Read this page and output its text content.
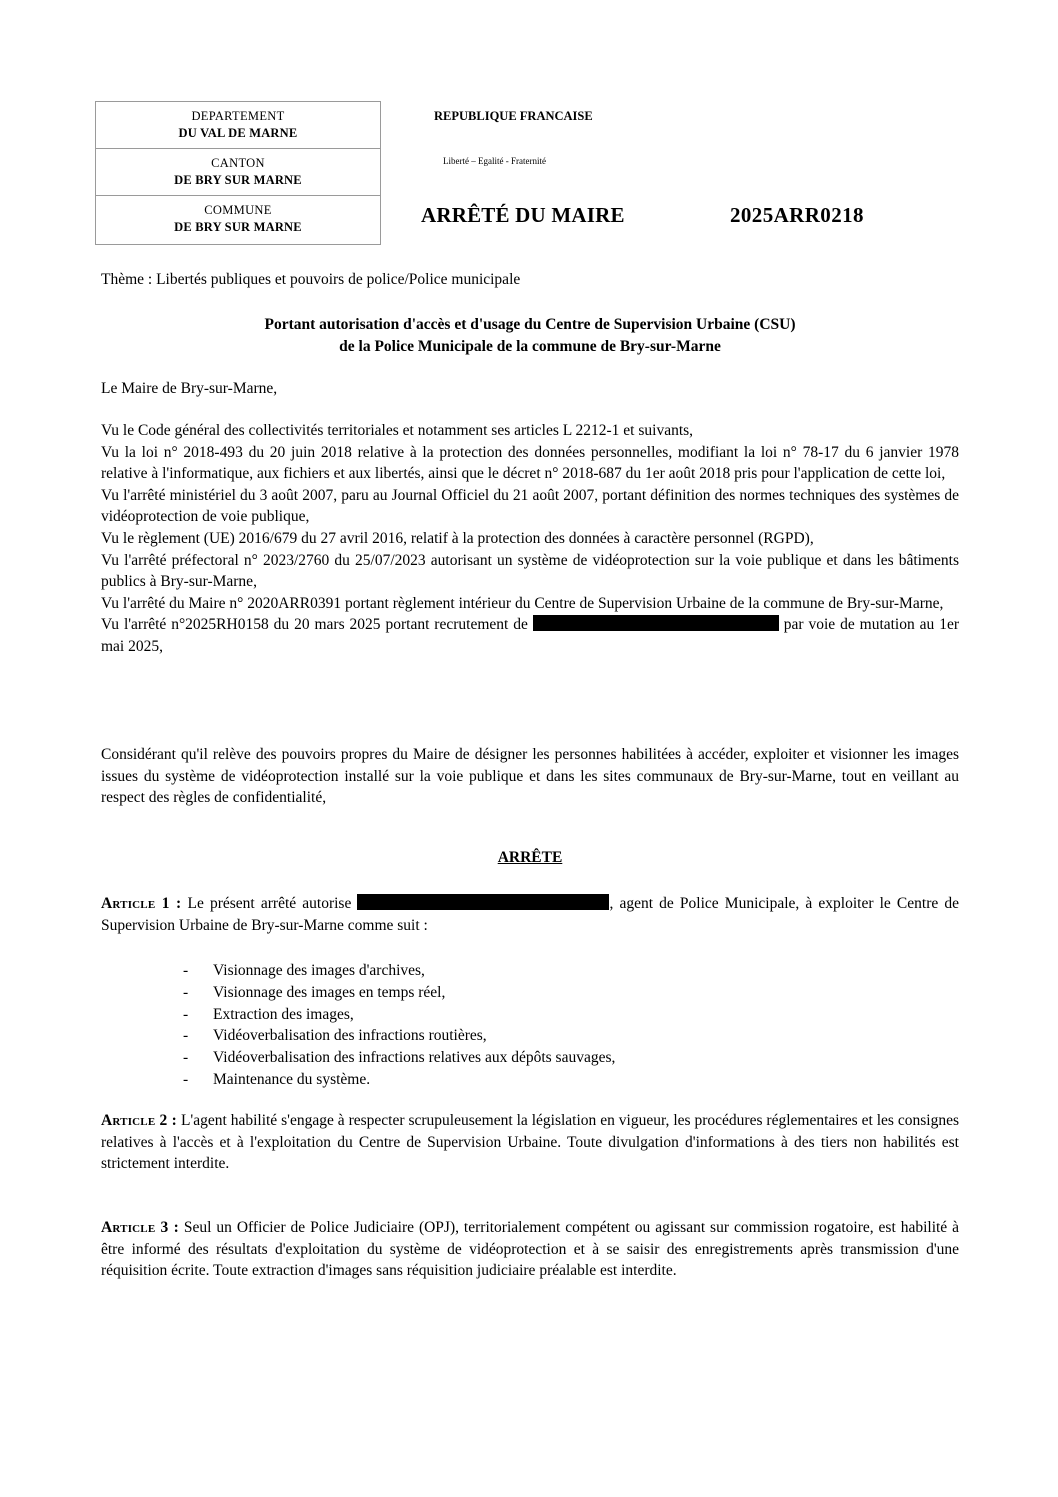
DEPARTEMENT
DU VAL DE MARNE
CANTON
DE BRY SUR MARNE
COMMUNE
DE BRY SUR MARNE
REPUBLIQUE FRANCAISE
Liberté – Egalité - Fraternité
ARRÊTÉ DU MAIRE	2025ARR0218
Thème : Libertés publiques et pouvoirs de police/Police municipale
Portant autorisation d'accès et d'usage du Centre de Supervision Urbaine (CSU)
de la Police Municipale de la commune de Bry-sur-Marne

Le Maire de Bry-sur-Marne,

Vu le Code général des collectivités territoriales et notamment ses articles L 2212-1 et suivants,

Vu la loi n° 2018-493 du 20 juin 2018 relative à la protection des données personnelles, modifiant la loi n° 78-17 du 6 janvier 1978 relative à l'informatique, aux fichiers et aux libertés, ainsi que le décret n° 2018-687 du 1er août 2018 pris pour l'application de cette loi,

Vu l'arrêté ministériel du 3 août 2007, paru au Journal Officiel du 21 août 2007, portant définition des normes techniques des systèmes de vidéoprotection de voie publique,

Vu le règlement (UE) 2016/679 du 27 avril 2016, relatif à la protection des données à caractère personnel (RGPD),

Vu l'arrêté préfectoral n° 2023/2760 du 25/07/2023 autorisant un système de vidéoprotection sur la voie publique et dans les bâtiments publics à Bry-sur-Marne,

Vu l'arrêté du Maire n° 2020ARR0391 portant règlement intérieur du Centre de Supervision Urbaine de la commune de Bry-sur-Marne,

Vu l'arrêté n°2025RH0158 du 20 mars 2025 portant recrutement de	par voie de mutation au 1er mai 2025,

Considérant qu'il relève des pouvoirs propres du Maire de désigner les personnes habilitées à accéder, exploiter et visionner les images issues du système de vidéoprotection installé sur la voie publique et dans les sites communaux de Bry-sur-Marne, tout en veillant au respect des règles de confidentialité,

ARRÊTE

Article 1 : Le présent arrêté autorise	, agent de Police Municipale, à exploiter le Centre de Supervision Urbaine de Bry-sur-Marne comme suit :

- Visionnage des images d'archives,
- Visionnage des images en temps réel,
- Extraction des images,
- Vidéoverbalisation des infractions routières,
- Vidéoverbalisation des infractions relatives aux dépôts sauvages,
- Maintenance du système.

Article 2 : L'agent habilité s'engage à respecter scrupuleusement la législation en vigueur, les procédures réglementaires et les consignes relatives à l'accès et à l'exploitation du Centre de Supervision Urbaine. Toute divulgation d'informations à des tiers non habilités est strictement interdite.

Article 3 : Seul un Officier de Police Judiciaire (OPJ), territorialement compétent ou agissant sur commission rogatoire, est habilité à être informé des résultats d'exploitation du système de vidéoprotection et à se saisir des enregistrements après transmission d'une réquisition écrite. Toute extraction d'images sans réquisition judiciaire préalable est interdite.
